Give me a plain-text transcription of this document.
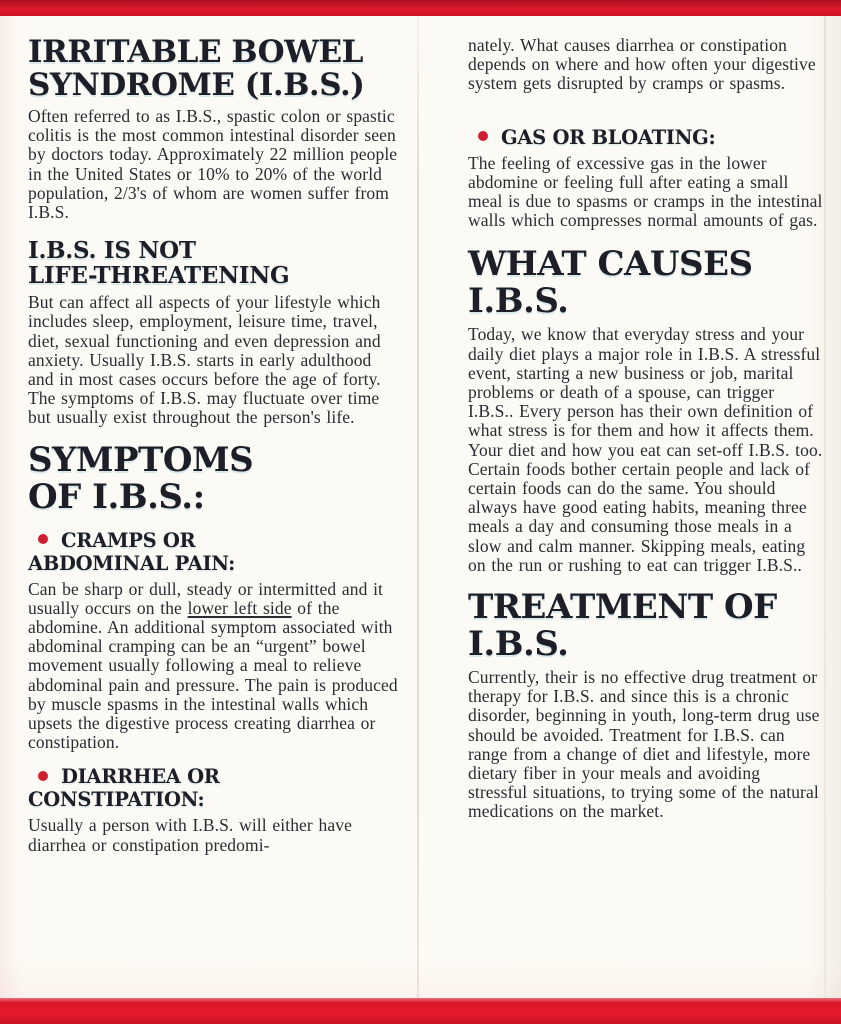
IRRITABLE BOWEL
SYNDROME (I.B.S.)

Often referred to as I.B.S., spastic colon or spastic colitis is the most common intestinal disorder seen by doctors today. Approximately 22 million people in the United States or 10% to 20% of the world population, 2/3's of whom are women suffer from I.B.S.

I.B.S. IS NOT
LIFE-THREATENING

But can affect all aspects of your lifestyle which includes sleep, employment, leisure time, travel, diet, sexual functioning and even depression and anxiety. Usually I.B.S. starts in early adulthood and in most cases occurs before the age of forty. The symptoms of I.B.S. may fluctuate over time but usually exist throughout the person's life.

SYMPTOMS
OF I.B.S.:
CRAMPS OR
ABDOMINAL PAIN:

Can be sharp or dull, steady or intermitted and it usually occurs on the lower left side of the abdomine. An additional symptom associated with abdominal cramping can be an “urgent” bowel movement usually following a meal to relieve abdominal pain and pressure. The pain is produced by muscle spasms in the intestinal walls which upsets the digestive process creating diarrhea or constipation.

DIARRHEA OR
CONSTIPATION:

Usually a person with I.B.S. will either have diarrhea or constipation predomi-

nately. What causes diarrhea or constipation depends on where and how often your digestive system gets disrupted by cramps or spasms.

GAS OR BLOATING:

The feeling of excessive gas in the lower abdomine or feeling full after eating a small meal is due to spasms or cramps in the intestinal walls which compresses normal amounts of gas.

WHAT CAUSES
I.B.S.

Today, we know that everyday stress and your daily diet plays a major role in I.B.S. A stressful event, starting a new business or job, marital problems or death of a spouse, can trigger I.B.S.. Every person has their own definition of what stress is for them and how it affects them. Your diet and how you eat can set-off I.B.S. too. Certain foods bother certain people and lack of certain foods can do the same. You should always have good eating habits, meaning three meals a day and consuming those meals in a slow and calm manner. Skipping meals, eating on the run or rushing to eat can trigger I.B.S..

TREATMENT OF
I.B.S.

Currently, their is no effective drug treatment or therapy for I.B.S. and since this is a chronic disorder, beginning in youth, long-term drug use should be avoided. Treatment for I.B.S. can range from a change of diet and lifestyle, more dietary fiber in your meals and avoiding stressful situations, to trying some of the natural medications on the market.
